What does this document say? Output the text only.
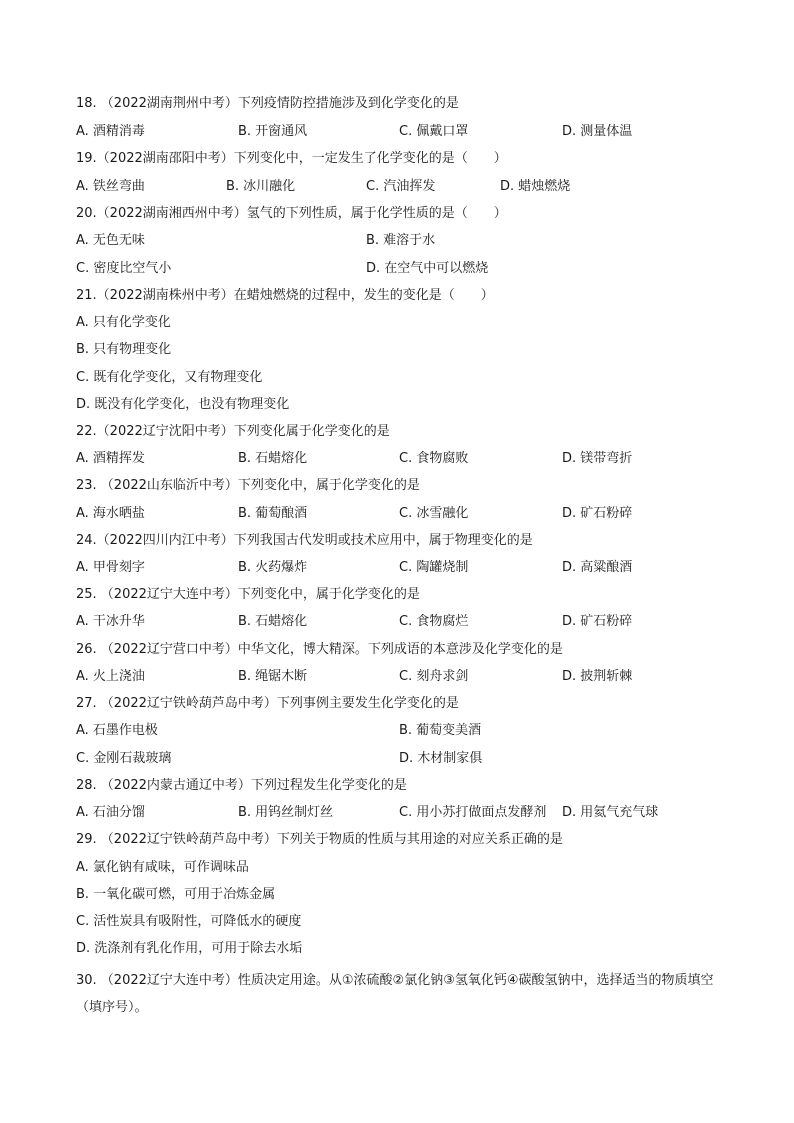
18. （2022湖南荆州中考）下列疫情防控措施涉及到化学变化的是
A. 酒精消毒	B. 开窗通风	C. 佩戴口罩	D. 测量体温
19.（2022湖南邵阳中考）下列变化中，一定发生了化学变化的是（　　）
A. 铁丝弯曲	B. 冰川融化	C. 汽油挥发	D. 蜡烛燃烧
20.（2022湖南湘西州中考）氢气的下列性质，属于化学性质的是（　　）
A. 无色无味	B. 难溶于水
C. 密度比空气小	D. 在空气中可以燃烧
21.（2022湖南株州中考）在蜡烛燃烧的过程中，发生的变化是（　　）
A. 只有化学变化
B. 只有物理变化
C. 既有化学变化，又有物理变化
D. 既没有化学变化，也没有物理变化
22.（2022辽宁沈阳中考）下列变化属于化学变化的是
A. 酒精挥发	B. 石蜡熔化	C. 食物腐败	D. 镁带弯折
23. （2022山东临沂中考）下列变化中，属于化学变化的是
A. 海水晒盐	B. 葡萄酿酒	C. 冰雪融化	D. 矿石粉碎
24.（2022四川内江中考）下列我国古代发明或技术应用中，属于物理变化的是
A. 甲骨刻字	B. 火药爆炸	C. 陶罐烧制	D. 高粱酿酒
25. （2022辽宁大连中考）下列变化中，属于化学变化的是
A. 干冰升华	B. 石蜡熔化	C. 食物腐烂	D. 矿石粉碎
26. （2022辽宁营口中考）中华文化，博大精深。下列成语的本意涉及化学变化的是
A. 火上浇油	B. 绳锯木断	C. 刻舟求剑	D. 披荆斩棘
27. （2022辽宁铁岭葫芦岛中考）下列事例主要发生化学变化的是
A. 石墨作电极	B. 葡萄变美酒
C. 金刚石裁玻璃	D. 木材制家俱
28. （2022内蒙古通辽中考）下列过程发生化学变化的是
A. 石油分馏	B. 用钨丝制灯丝	C. 用小苏打做面点发酵剂 D. 用氦气充气球
29. （2022辽宁铁岭葫芦岛中考）下列关于物质的性质与其用途的对应关系正确的是
A. 氯化钠有咸味，可作调味品
B. 一氧化碳可燃，可用于冶炼金属
C. 活性炭具有吸附性，可降低水的硬度
D. 洗涤剂有乳化作用，可用于除去水垢
30. （2022辽宁大连中考）性质决定用途。从①浓硫酸②氯化钠③氢氧化钙④碳酸氢钠中，选择适当的物质填空（填序号）。
